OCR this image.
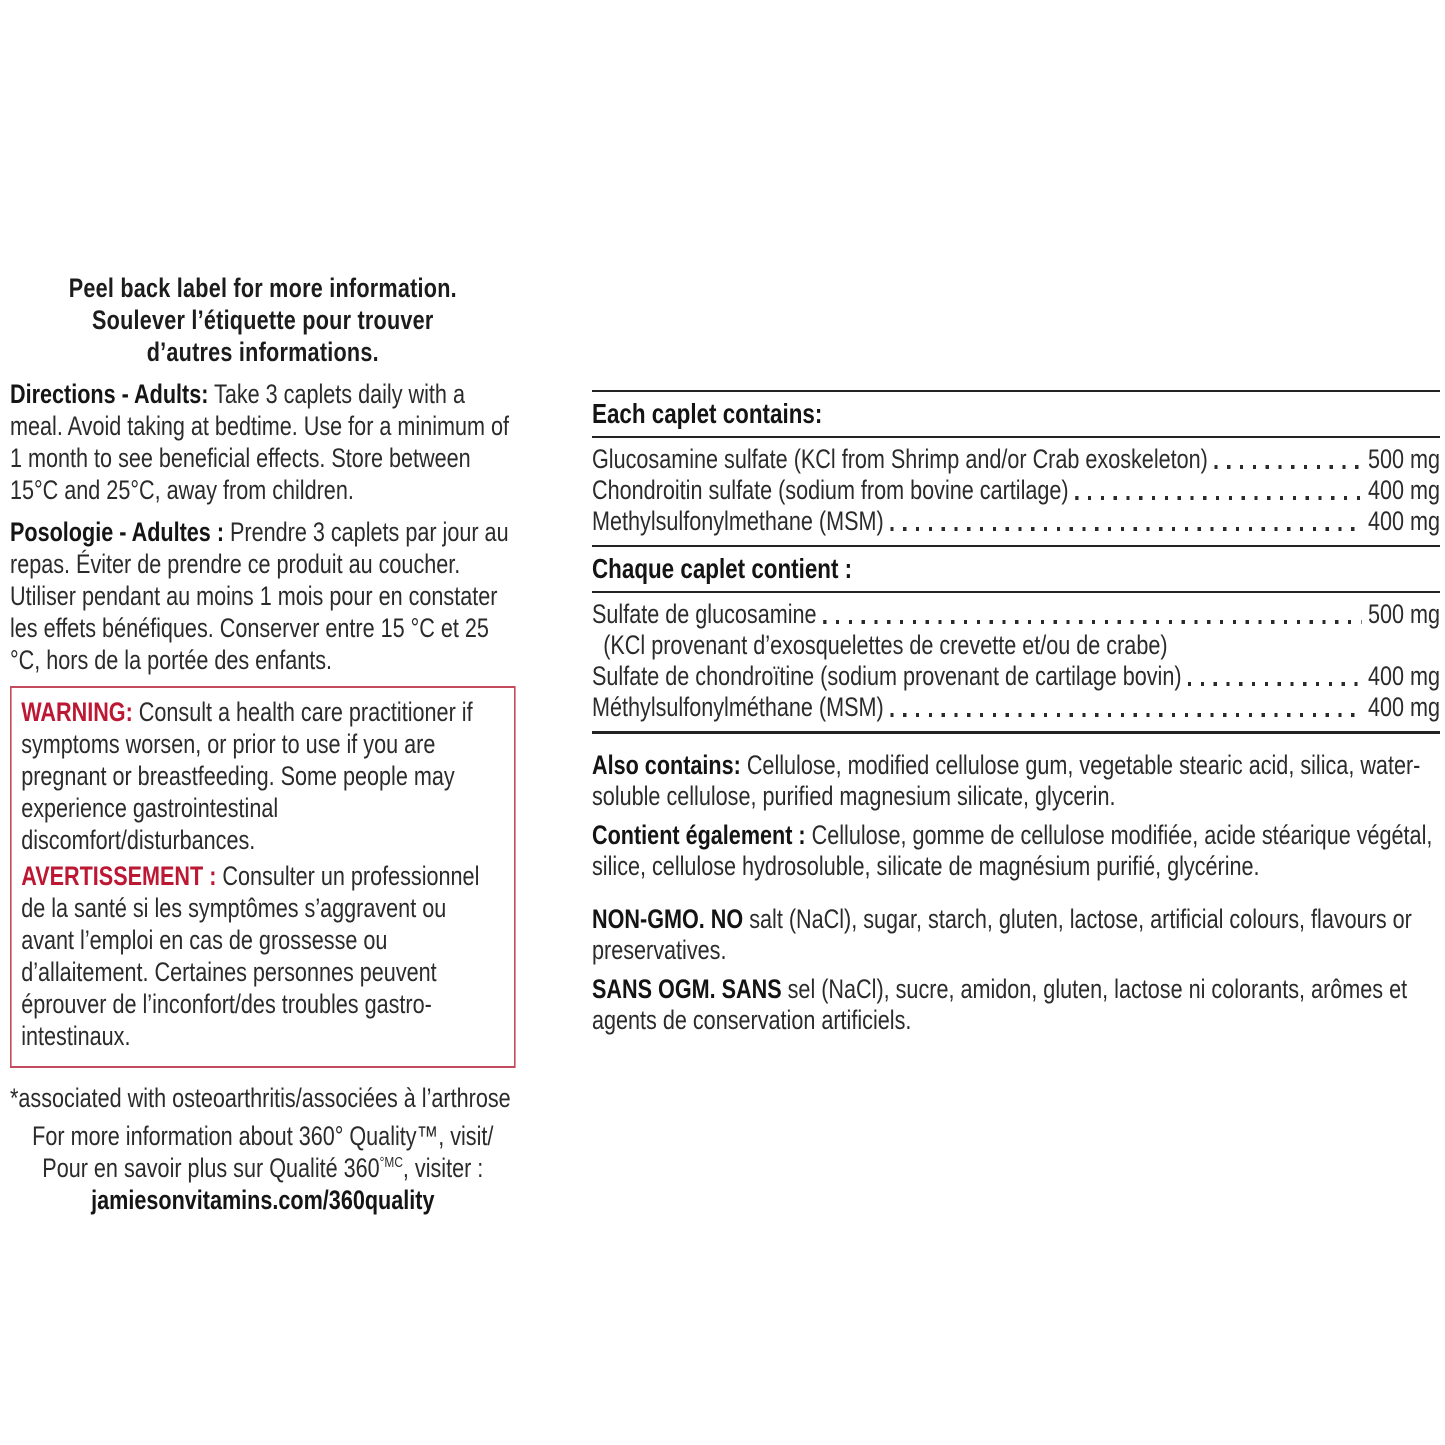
Peel back label for more information.
Soulever l’étiquette pour trouver
d’autres informations.
Directions - Adults: Take 3 caplets daily with a meal. Avoid taking at bedtime. Use for a minimum of 1 month to see beneficial effects. Store between 15°C and 25°C, away from children.
Posologie - Adultes : Prendre 3 caplets par jour au repas. Éviter de prendre ce produit au coucher. Utiliser pendant au moins 1 mois pour en constater les effets bénéfiques. Conserver entre 15 °C et 25 °C, hors de la portée des enfants.
WARNING: Consult a health care practitioner if symptoms worsen, or prior to use if you are pregnant or breastfeeding. Some people may experience gastrointestinal discomfort/disturbances.
AVERTISSEMENT : Consulter un professionnel de la santé si les symptômes s’aggravent ou avant l’emploi en cas de grossesse ou d’allaitement. Certaines personnes peuvent éprouver de l’inconfort/des troubles gastro-intestinaux.
*associated with osteoarthritis/associées à l’arthrose
For more information about 360° Quality™, visit/
Pour en savoir plus sur Qualité $360^{^\circ MC}$, visiter :
jamiesonvitamins.com/360quality
Each caplet contains:
Glucosamine sulfate (KCl from Shrimp and/or Crab exoskeleton)	500 mg
Chondroitin sulfate (sodium from bovine cartilage)	400 mg
Methylsulfonylmethane (MSM)	400 mg
Chaque caplet contient :
Sulfate de glucosamine	500 mg
(KCl provenant d’exosquelettes de crevette et/ou de crabe)
Sulfate de chondroïtine (sodium provenant de cartilage bovin)	400 mg
Méthylsulfonylméthane (MSM)	400 mg
Also contains: Cellulose, modified cellulose gum, vegetable stearic acid, silica, water-soluble cellulose, purified magnesium silicate, glycerin.
Contient également : Cellulose, gomme de cellulose modifiée, acide stéarique végétal, silice, cellulose hydrosoluble, silicate de magnésium purifié, glycérine.
NON-GMO. NO salt (NaCl), sugar, starch, gluten, lactose, artificial colours, flavours or preservatives.
SANS OGM. SANS sel (NaCl), sucre, amidon, gluten, lactose ni colorants, arômes et agents de conservation artificiels.
